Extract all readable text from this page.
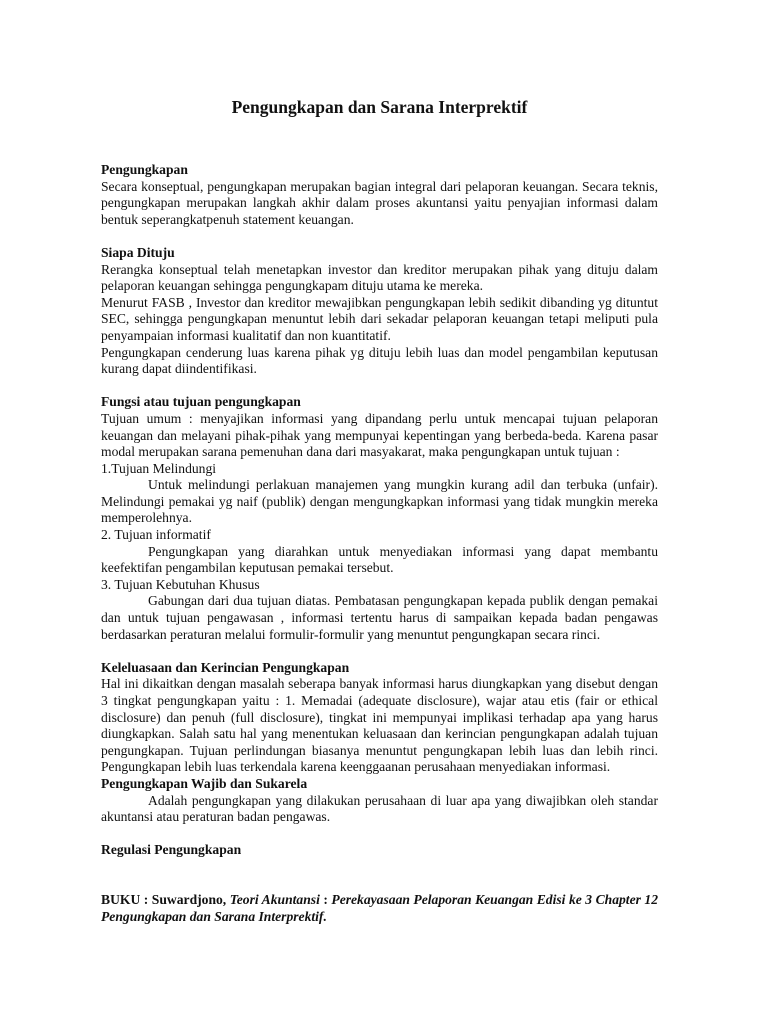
Pengungkapan dan Sarana Interprektif
Pengungkapan

Secara konseptual, pengungkapan merupakan bagian integral dari pelaporan keuangan. Secara teknis, pengungkapan merupakan langkah akhir dalam proses akuntansi yaitu penyajian informasi dalam bentuk seperangkatpenuh statement keuangan.

Siapa Dituju

Rerangka konseptual telah menetapkan investor dan kreditor merupakan pihak yang dituju dalam pelaporan keuangan sehingga pengungkapam dituju utama ke mereka.

Menurut FASB , Investor dan kreditor mewajibkan pengungkapan lebih sedikit dibanding yg dituntut SEC, sehingga pengungkapan menuntut lebih dari sekadar pelaporan keuangan tetapi meliputi pula penyampaian informasi kualitatif dan non kuantitatif.

Pengungkapan cenderung luas karena pihak yg dituju lebih luas dan model pengambilan keputusan kurang dapat diindentifikasi.

Fungsi atau tujuan pengungkapan

Tujuan umum : menyajikan informasi yang dipandang perlu untuk mencapai tujuan pelaporan keuangan dan melayani pihak-pihak yang mempunyai kepentingan yang berbeda-beda. Karena pasar modal merupakan sarana pemenuhan dana dari masyakarat, maka pengungkapan untuk tujuan :

1.Tujuan Melindungi

Untuk melindungi perlakuan manajemen yang mungkin kurang adil dan terbuka (unfair). Melindungi pemakai yg naif (publik) dengan mengungkapkan informasi yang tidak mungkin mereka memperolehnya.

2. Tujuan informatif

Pengungkapan yang diarahkan untuk menyediakan informasi yang dapat membantu keefektifan pengambilan keputusan pemakai tersebut.

3. Tujuan Kebutuhan Khusus

Gabungan dari dua tujuan diatas. Pembatasan pengungkapan kepada publik dengan pemakai dan untuk tujuan pengawasan , informasi tertentu harus di sampaikan kepada badan pengawas berdasarkan peraturan melalui formulir-formulir yang menuntut pengungkapan secara rinci.

Keleluasaan dan Kerincian Pengungkapan

Hal ini dikaitkan dengan masalah seberapa banyak informasi harus diungkapkan yang disebut dengan 3 tingkat pengungkapan yaitu : 1. Memadai (adequate disclosure), wajar atau etis (fair or ethical disclosure) dan penuh (full disclosure), tingkat ini mempunyai implikasi terhadap apa yang harus diungkapkan. Salah satu hal yang menentukan keluasaan dan kerincian pengungkapan adalah tujuan pengungkapan. Tujuan perlindungan biasanya menuntut pengungkapan lebih luas dan lebih rinci. Pengungkapan lebih luas terkendala karena keenggaanan perusahaan menyediakan informasi.

Pengungkapan Wajib dan Sukarela

Adalah pengungkapan yang dilakukan perusahaan di luar apa yang diwajibkan oleh standar akuntansi atau peraturan badan pengawas.

Regulasi Pengungkapan

BUKU : Suwardjono, Teori Akuntansi : Perekayasaan Pelaporan Keuangan Edisi ke 3 Chapter 12 Pengungkapan dan Sarana Interprektif.
